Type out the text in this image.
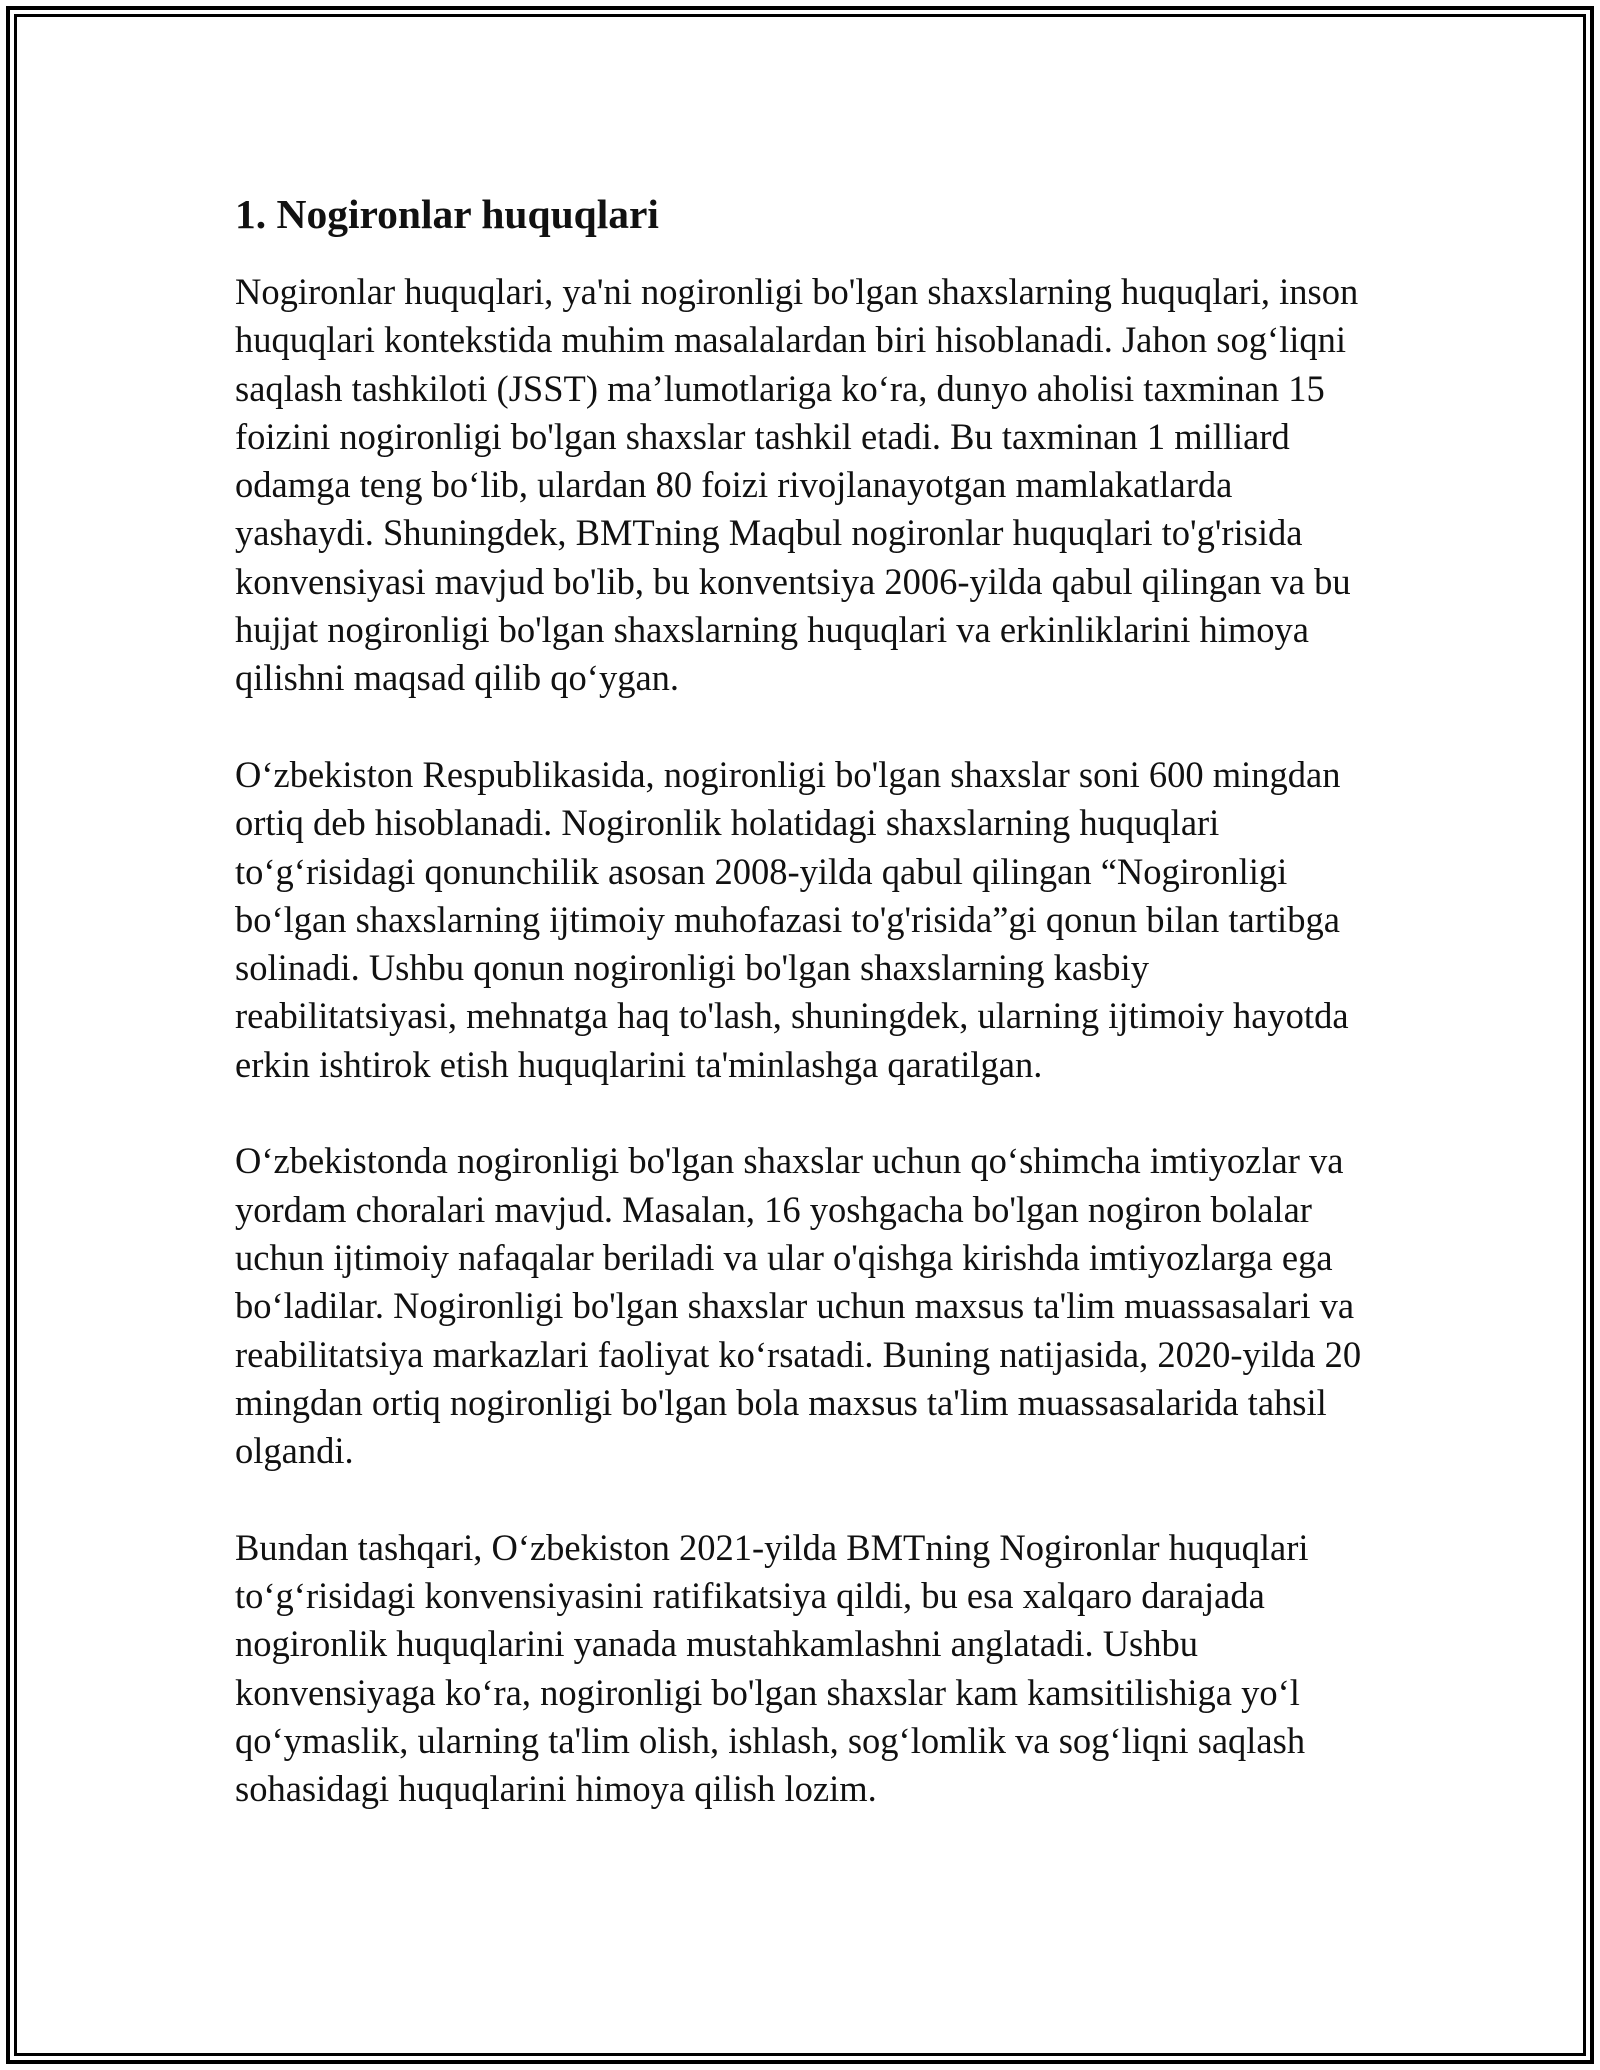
1. Nogironlar huquqlari

Nogironlar huquqlari, ya'ni nogironligi bo'lgan shaxslarning huquqlari, inson
huquqlari kontekstida muhim masalalardan biri hisoblanadi. Jahon sog‘liqni
saqlash tashkiloti (JSST) ma’lumotlariga ko‘ra, dunyo aholisi taxminan 15
foizini nogironligi bo'lgan shaxslar tashkil etadi. Bu taxminan 1 milliard
odamga teng bo‘lib, ulardan 80 foizi rivojlanayotgan mamlakatlarda
yashaydi. Shuningdek, BMTning Maqbul nogironlar huquqlari to'g'risida
konvensiyasi mavjud bo'lib, bu konventsiya 2006-yilda qabul qilingan va bu
hujjat nogironligi bo'lgan shaxslarning huquqlari va erkinliklarini himoya
qilishni maqsad qilib qo‘ygan.

O‘zbekiston Respublikasida, nogironligi bo'lgan shaxslar soni 600 mingdan
ortiq deb hisoblanadi. Nogironlik holatidagi shaxslarning huquqlari
to‘g‘risidagi qonunchilik asosan 2008-yilda qabul qilingan “Nogironligi
bo‘lgan shaxslarning ijtimoiy muhofazasi to'g'risida”gi qonun bilan tartibga
solinadi. Ushbu qonun nogironligi bo'lgan shaxslarning kasbiy
reabilitatsiyasi, mehnatga haq to'lash, shuningdek, ularning ijtimoiy hayotda
erkin ishtirok etish huquqlarini ta'minlashga qaratilgan.

O‘zbekistonda nogironligi bo'lgan shaxslar uchun qo‘shimcha imtiyozlar va
yordam choralari mavjud. Masalan, 16 yoshgacha bo'lgan nogiron bolalar
uchun ijtimoiy nafaqalar beriladi va ular o'qishga kirishda imtiyozlarga ega
bo‘ladilar. Nogironligi bo'lgan shaxslar uchun maxsus ta'lim muassasalari va
reabilitatsiya markazlari faoliyat ko‘rsatadi. Buning natijasida, 2020-yilda 20
mingdan ortiq nogironligi bo'lgan bola maxsus ta'lim muassasalarida tahsil
olgandi.

Bundan tashqari, O‘zbekiston 2021-yilda BMTning Nogironlar huquqlari
to‘g‘risidagi konvensiyasini ratifikatsiya qildi, bu esa xalqaro darajada
nogironlik huquqlarini yanada mustahkamlashni anglatadi. Ushbu
konvensiyaga ko‘ra, nogironligi bo'lgan shaxslar kam kamsitilishiga yo‘l
qo‘ymaslik, ularning ta'lim olish, ishlash, sog‘lomlik va sog‘liqni saqlash
sohasidagi huquqlarini himoya qilish lozim.
